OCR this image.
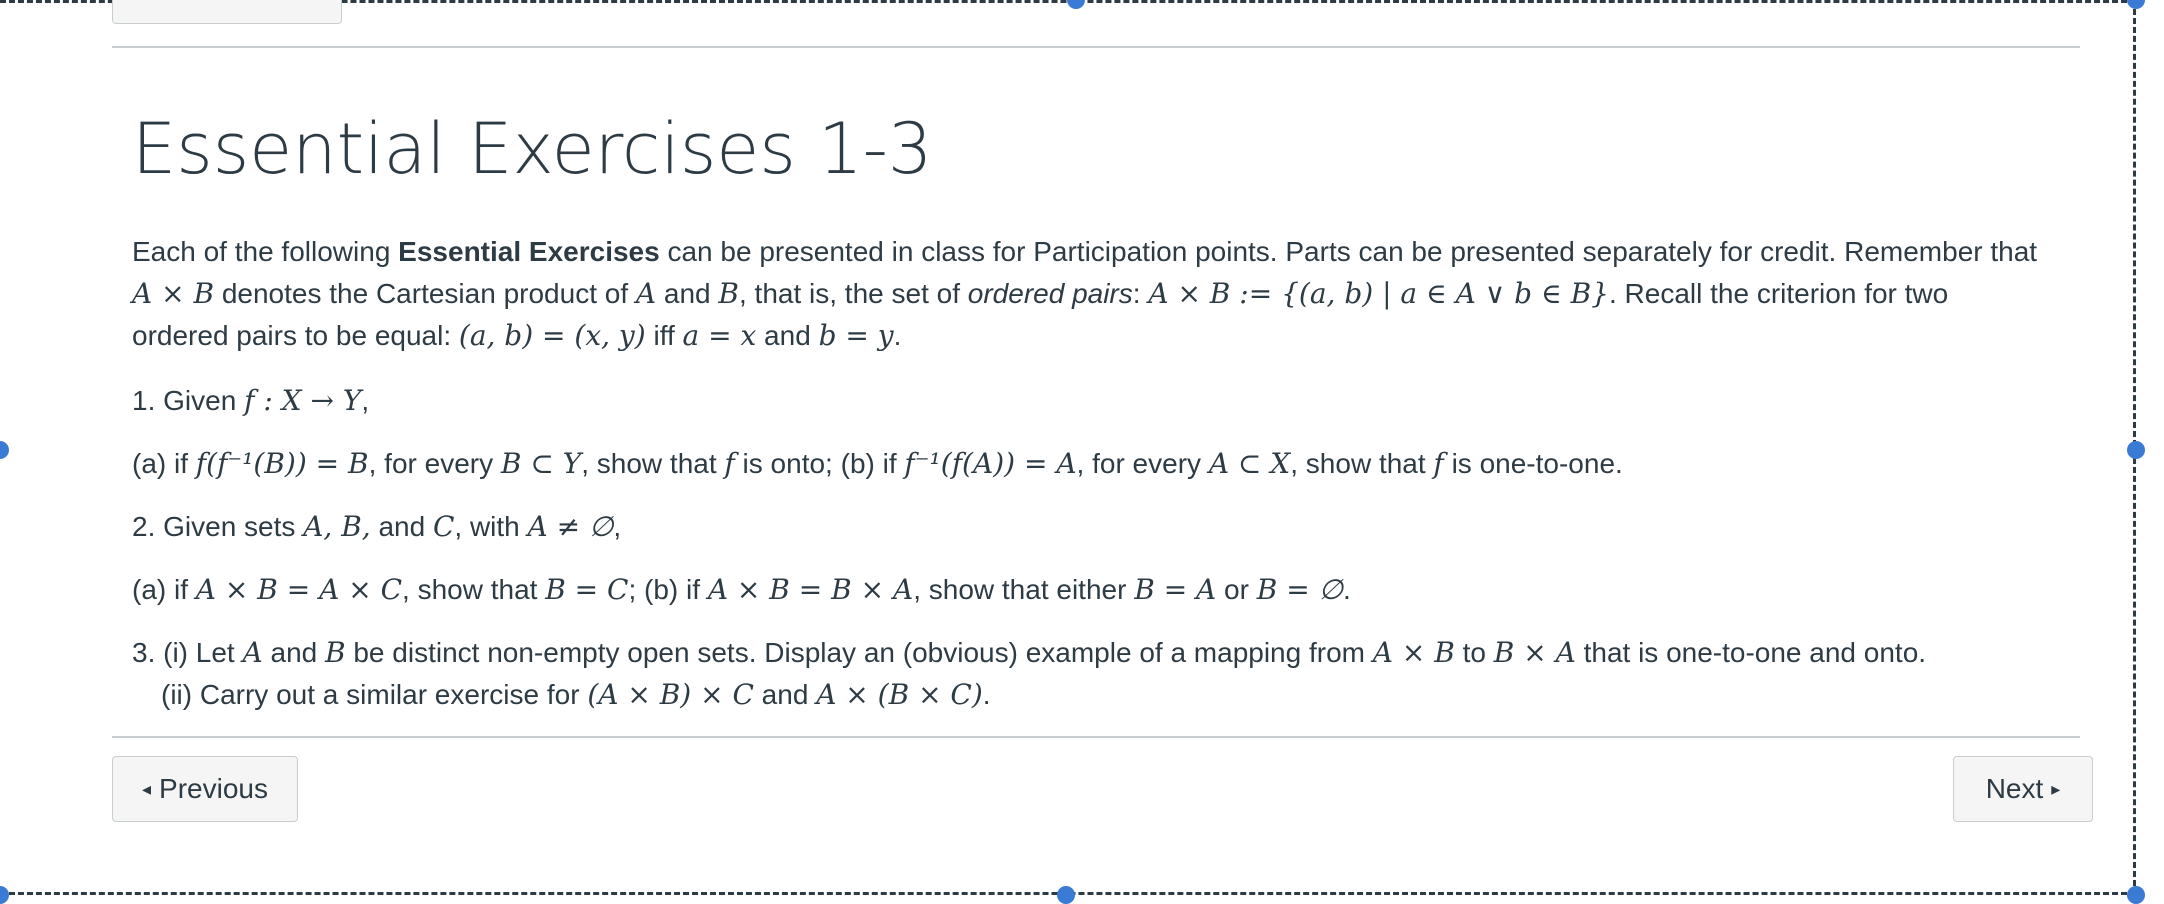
Essential Exercises 1-3
Each of the following Essential Exercises can be presented in class for Participation points. Parts can be presented separately for credit. Remember that
A × B denotes the Cartesian product of A and B, that is, the set of ordered pairs: A × B := {(a, b) | a ∈ A ∨ b ∈ B}. Recall the criterion for two
ordered pairs to be equal: (a, b) = (x, y) iff a = x and b = y.
1. Given f : X → Y,
(a) if f(f⁻¹(B)) = B, for every B ⊂ Y, show that f is onto; (b) if f⁻¹(f(A)) = A, for every A ⊂ X, show that f is one-to-one.
2. Given sets A, B, and C, with A ≠ ∅,
(a) if A × B = A × C, show that B = C; (b) if A × B = B × A, show that either B = A or B = ∅.
3. (i) Let A and B be distinct non-empty open sets. Display an (obvious) example of a mapping from A × B to B × A that is one-to-one and onto.
(ii) Carry out a similar exercise for (A × B) × C and A × (B × C).
◂ Previous	Next ▸
